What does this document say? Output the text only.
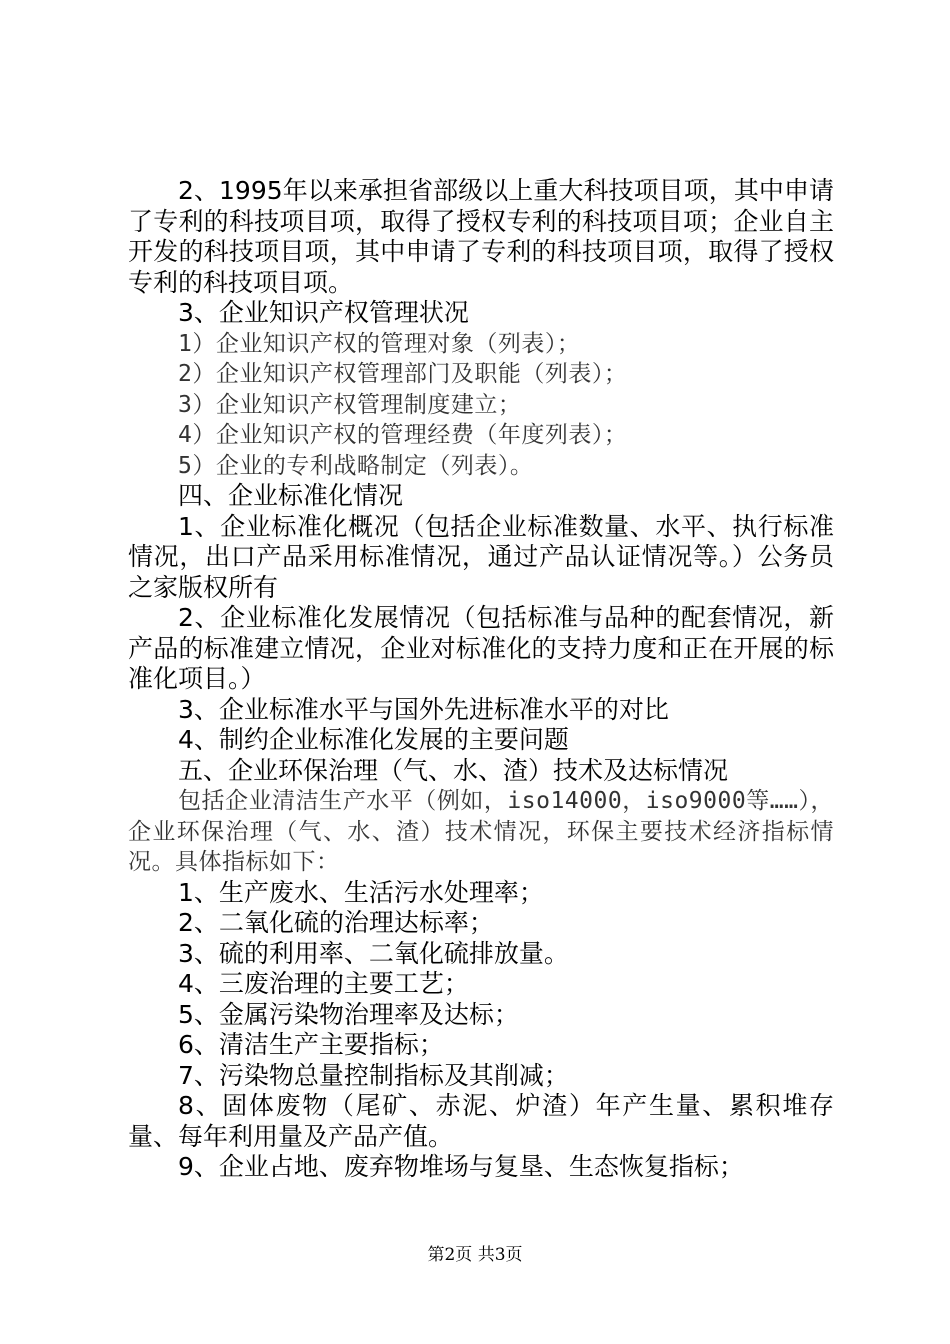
2、1995年以来承担省部级以上重大科技项目项，其中申请了专利的科技项目项，取得了授权专利的科技项目项；企业自主开发的科技项目项，其中申请了专利的科技项目项，取得了授权专利的科技项目项。

3、企业知识产权管理状况

1）企业知识产权的管理对象（列表）；

2）企业知识产权管理部门及职能（列表）；

3）企业知识产权管理制度建立；

4）企业知识产权的管理经费（年度列表）；

5）企业的专利战略制定（列表）。

四、企业标准化情况

1、企业标准化概况（包括企业标准数量、水平、执行标准情况，出口产品采用标准情况，通过产品认证情况等。）公务员之家版权所有

2、企业标准化发展情况（包括标准与品种的配套情况，新产品的标准建立情况，企业对标准化的支持力度和正在开展的标准化项目。）

3、企业标准水平与国外先进标准水平的对比

4、制约企业标准化发展的主要问题

五、企业环保治理（气、水、渣）技术及达标情况

包括企业清洁生产水平（例如，iso14000，iso9000等……），企业环保治理（气、水、渣）技术情况，环保主要技术经济指标情况。具体指标如下：

1、生产废水、生活污水处理率；

2、二氧化硫的治理达标率；

3、硫的利用率、二氧化硫排放量。

4、三废治理的主要工艺；

5、金属污染物治理率及达标；

6、清洁生产主要指标；

7、污染物总量控制指标及其削减；

8、固体废物（尾矿、赤泥、炉渣）年产生量、累积堆存量、每年利用量及产品产值。

9、企业占地、废弃物堆场与复垦、生态恢复指标；

第2页 共3页
